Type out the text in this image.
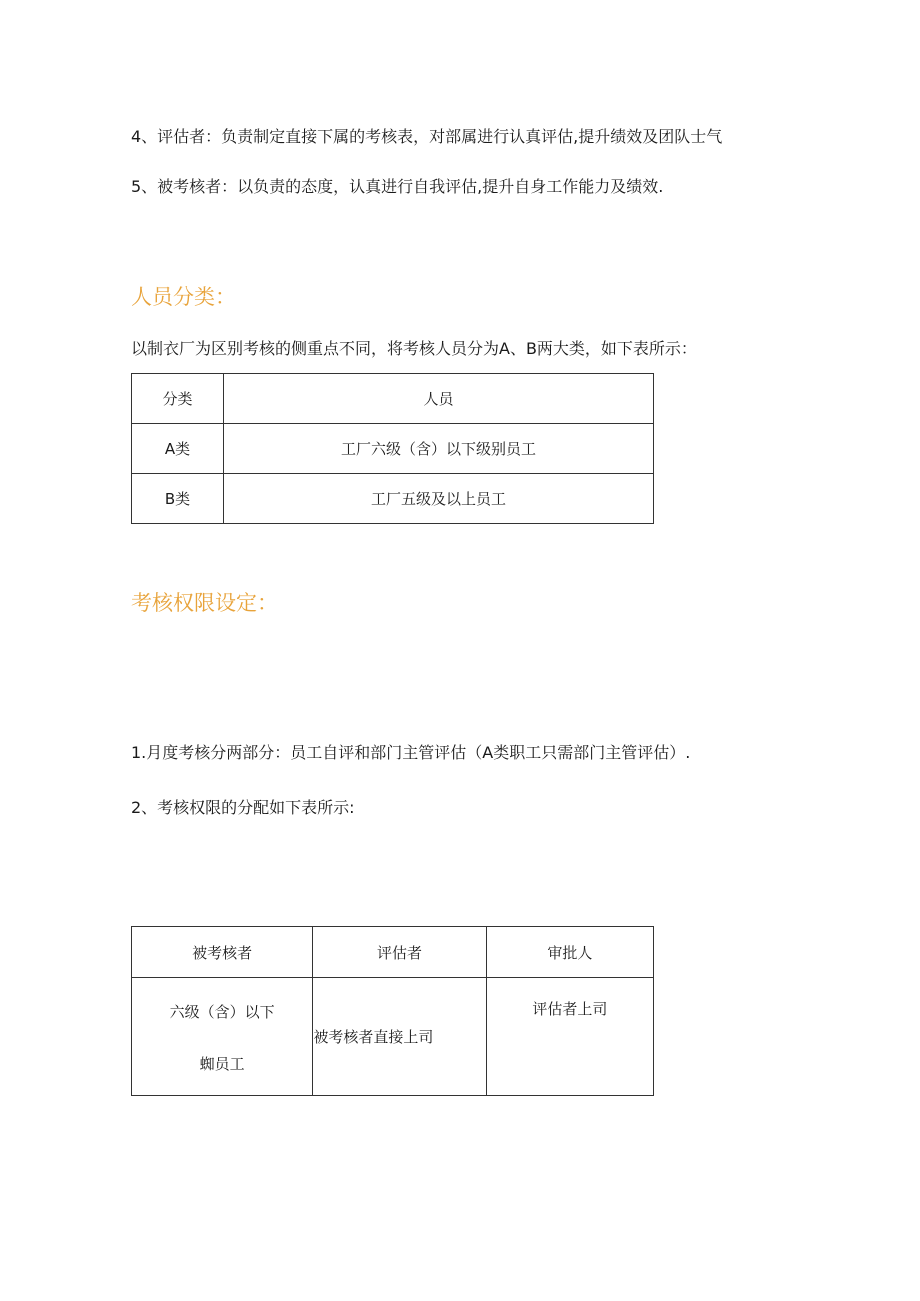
4、评估者：负责制定直接下属的考核表，对部属进行认真评估,提升绩效及团队士气

5、被考核者：以负责的态度，认真进行自我评估,提升自身工作能力及绩效.

人员分类：

以制衣厂为区别考核的侧重点不同，将考核人员分为A、B两大类，如下表所示：

分类	人员
A类	工厂六级（含）以下级别员工
B类	工厂五级及以上员工
考核权限设定：

1.月度考核分两部分：员工自评和部门主管评估（A类职工只需部门主管评估）.

2、考核权限的分配如下表所示:

被考核者	评估者	审批人

六级（含）以下
蜘员工	被考核者直接上司	评估者上司
